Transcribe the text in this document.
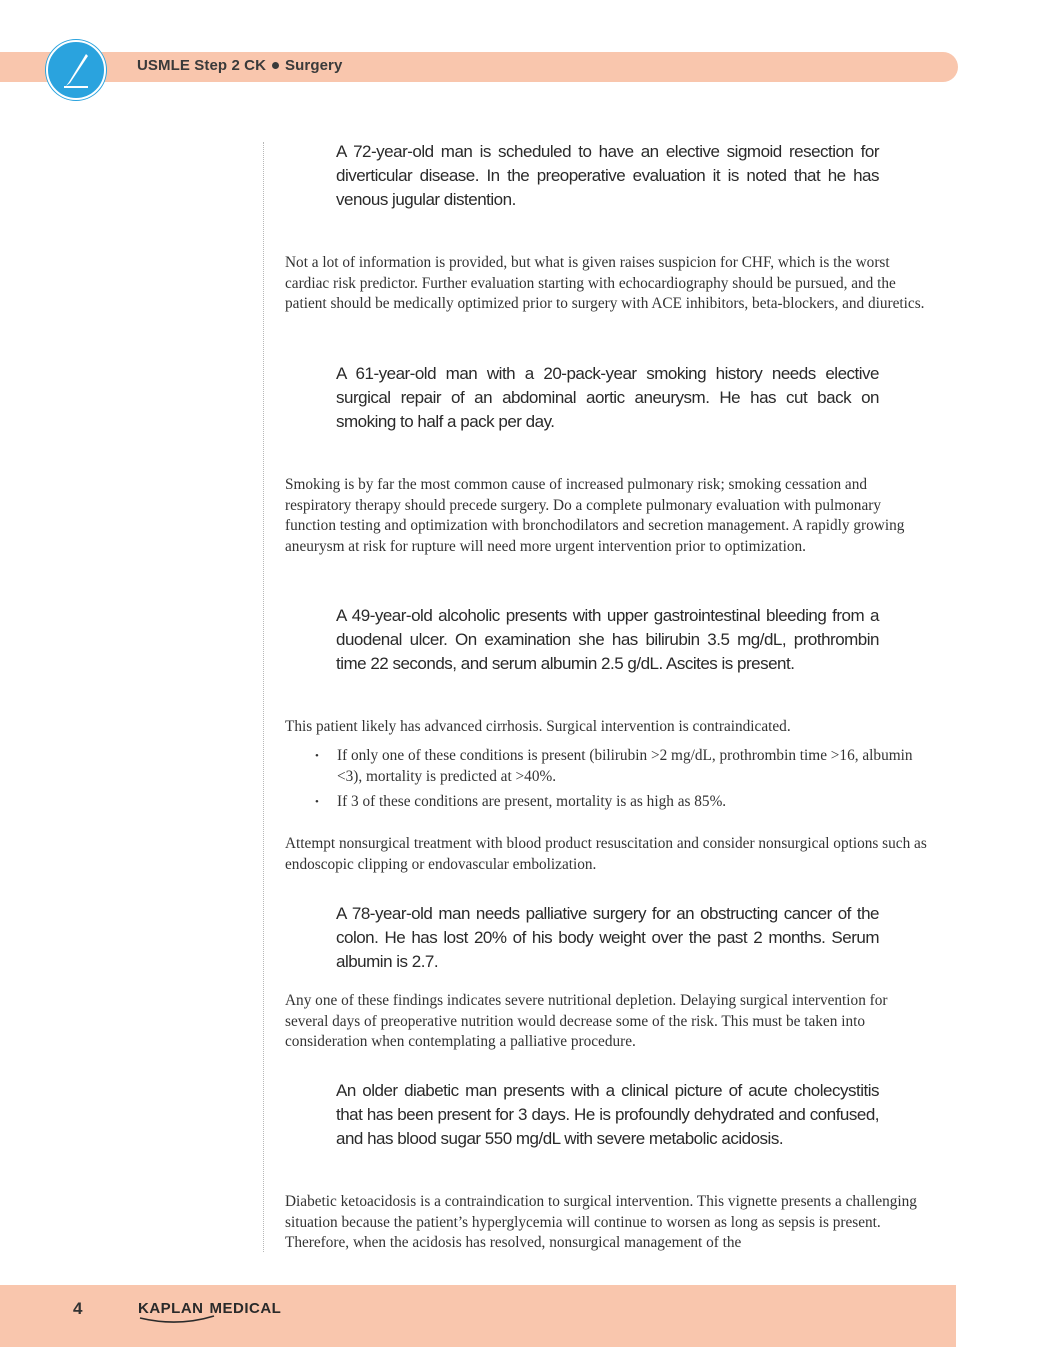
USMLE Step 2 CK Surgery
A 72-year-old man is scheduled to have an elective sigmoid resection for diverticular disease. In the preoperative evaluation it is noted that he has venous jugular distention.
Not a lot of information is provided, but what is given raises suspicion for CHF, which is the worst cardiac risk predictor. Further evaluation starting with echocardiography should be pursued, and the patient should be medically optimized prior to surgery with ACE inhibitors, beta-blockers, and diuretics.
A 61-year-old man with a 20-pack-year smoking history needs elective surgical repair of an abdominal aortic aneurysm. He has cut back on smoking to half a pack per day.
Smoking is by far the most common cause of increased pulmonary risk; smoking cessation and respiratory therapy should precede surgery. Do a complete pulmonary evaluation with pulmonary function testing and optimization with bronchodilators and secretion management. A rapidly growing aneurysm at risk for rupture will need more urgent intervention prior to optimization.
A 49-year-old alcoholic presents with upper gastrointestinal bleeding from a duodenal ulcer. On examination she has bilirubin 3.5 mg/dL, prothrombin time 22 seconds, and serum albumin 2.5 g/dL. Ascites is present.
This patient likely has advanced cirrhosis. Surgical intervention is contraindicated.
• If only one of these conditions is present (bilirubin >2 mg/dL, prothrombin time >16, albumin <3), mortality is predicted at >40%.
• If 3 of these conditions are present, mortality is as high as 85%.
Attempt nonsurgical treatment with blood product resuscitation and consider nonsurgical options such as endoscopic clipping or endovascular embolization.
A 78-year-old man needs palliative surgery for an obstructing cancer of the colon. He has lost 20% of his body weight over the past 2 months. Serum albumin is 2.7.
Any one of these findings indicates severe nutritional depletion. Delaying surgical intervention for several days of preoperative nutrition would decrease some of the risk. This must be taken into consideration when contemplating a palliative procedure.
An older diabetic man presents with a clinical picture of acute cholecystitis that has been present for 3 days. He is profoundly dehydrated and confused, and has blood sugar 550 mg/dL with severe metabolic acidosis.
Diabetic ketoacidosis is a contraindication to surgical intervention. This vignette presents a challenging situation because the patient’s hyperglycemia will continue to worsen as long as sepsis is present. Therefore, when the acidosis has resolved, nonsurgical management of the
4	KAPLAN MEDICAL
